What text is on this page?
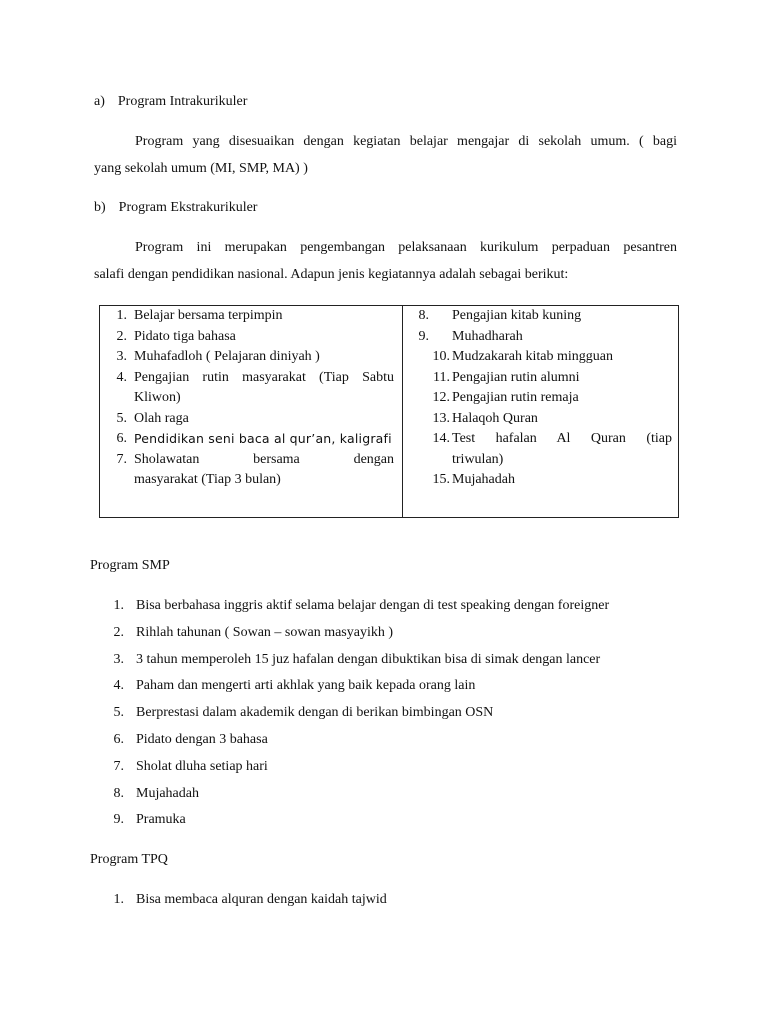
a) Program Intrakurikuler
Program yang disesuaikan dengan kegiatan belajar mengajar di sekolah umum. ( bagi
yang sekolah umum (MI, SMP, MA) )
b) Program Ekstrakurikuler
Program ini merupakan pengembangan pelaksanaan kurikulum perpaduan pesantren
salafi dengan pendidikan nasional. Adapun jenis kegiatannya adalah sebagai berikut:
1. Belajar bersama terpimpin
2. Pidato tiga bahasa
3. Muhafadloh ( Pelajaran diniyah )
4. Pengajian rutin masyarakat (Tiap Sabtu
Kliwon)
5. Olah raga
6. Pendidikan seni baca al qur’an, kaligrafi
7. Sholawatan bersama dengan
masyarakat (Tiap 3 bulan)
8. Pengajian kitab kuning
9. Muhadharah
10. Mudzakarah kitab mingguan
11. Pengajian rutin alumni
12. Pengajian rutin remaja
13. Halaqoh Quran
14. Test hafalan Al Quran (tiap
triwulan)
15. Mujahadah
Program SMP
1. Bisa berbahasa inggris aktif selama belajar dengan di test speaking dengan foreigner
2. Rihlah tahunan ( Sowan – sowan masyayikh )
3. 3 tahun memperoleh 15 juz hafalan dengan dibuktikan bisa di simak dengan lancer
4. Paham dan mengerti arti akhlak yang baik kepada orang lain
5. Berprestasi dalam akademik dengan di berikan bimbingan OSN
6. Pidato dengan 3 bahasa
7. Sholat dluha setiap hari
8. Mujahadah
9. Pramuka
Program TPQ
1. Bisa membaca alquran dengan kaidah tajwid
